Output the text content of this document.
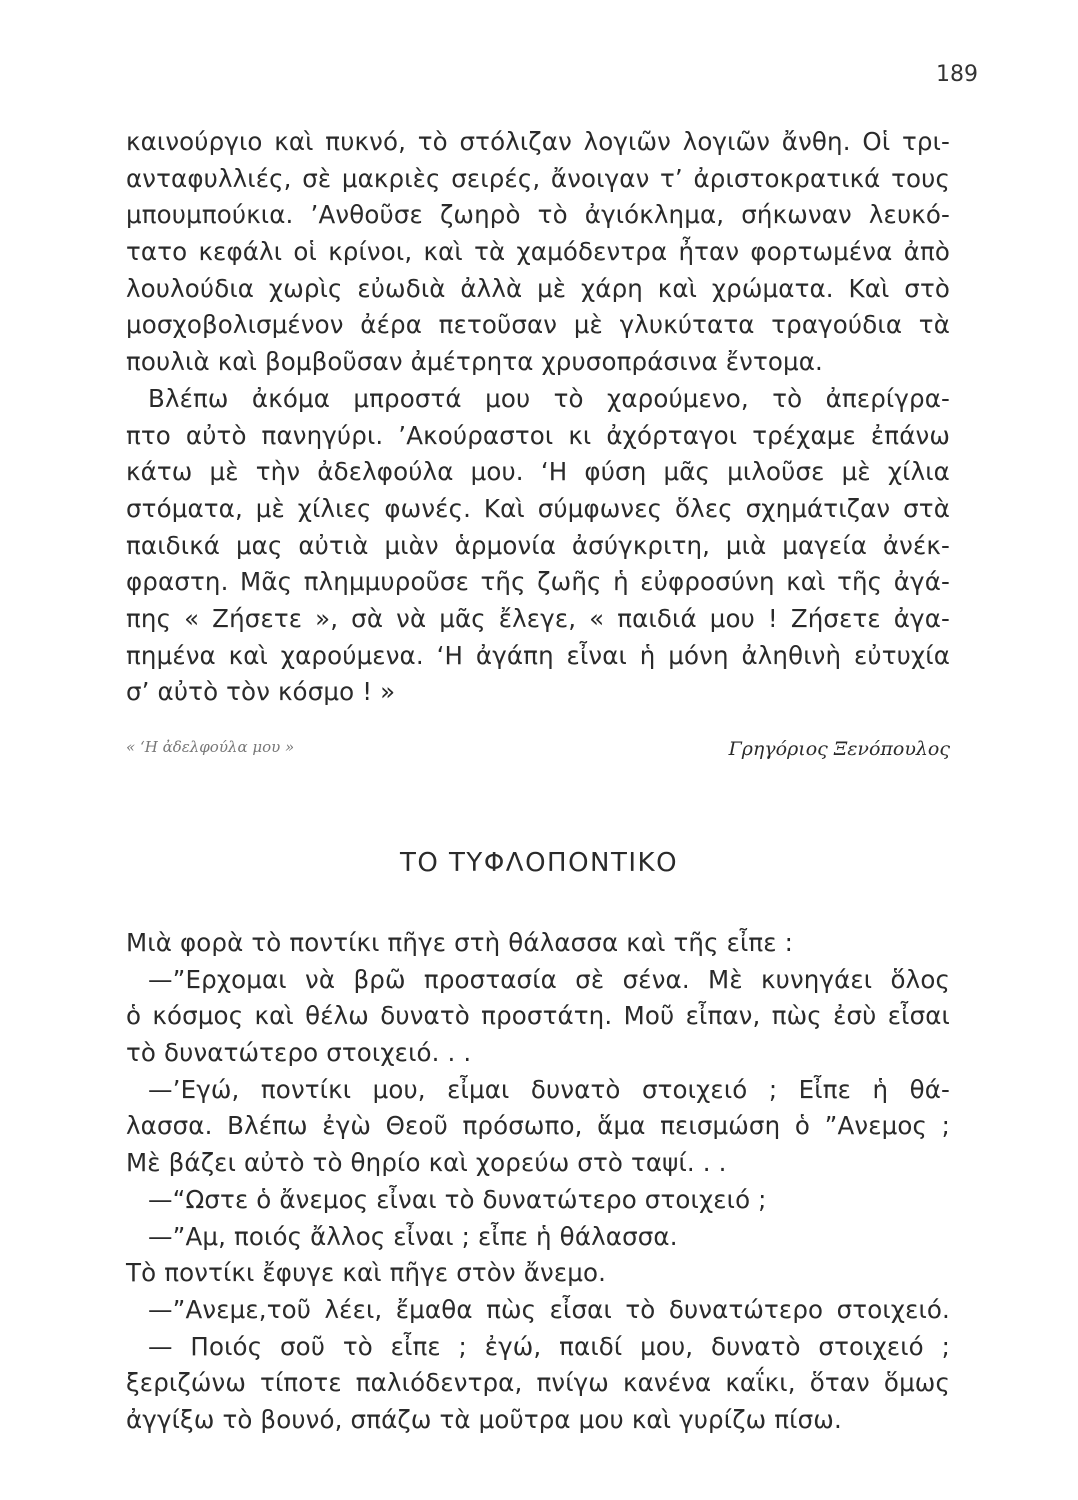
189
καινούργιο καὶ πυκνό, τὸ στόλιζαν λογιῶν λογιῶν ἄνθη. Οἱ τρι-
ανταφυλλιές, σὲ μακριὲς σειρές, ἄνοιγαν τ’ ἀριστοκρατικά τους
μπουμπούκια. ’Ανθοῦσε ζωηρὸ τὸ ἀγιόκλημα, σήκωναν λευκό-
τατο κεφάλι οἱ κρίνοι, καὶ τὰ χαμόδεντρα ἦταν φορτωμένα ἀπὸ
λουλούδια χωρὶς εὐωδιὰ ἀλλὰ μὲ χάρη καὶ χρώματα. Καὶ στὸ
μοσχοβολισμένον ἀέρα πετοῦσαν μὲ γλυκύτατα τραγούδια τὰ
πουλιὰ καὶ βομβοῦσαν ἀμέτρητα χρυσοπράσινα ἔντομα.
Βλέπω ἀκόμα μπροστά μου τὸ χαρούμενο, τὸ ἀπερίγρα-
πτο αὐτὸ πανηγύρι. ’Ακούραστοι κι ἀχόρταγοι τρέχαμε ἐπάνω
κάτω μὲ τὴν ἀδελφούλα μου. ‘Η φύση μᾶς μιλοῦσε μὲ χίλια
στόματα, μὲ χίλιες φωνές. Καὶ σύμφωνες ὅλες σχημάτιζαν στὰ
παιδικά μας αὐτιὰ μιὰν ἁρμονία ἀσύγκριτη, μιὰ μαγεία ἀνέκ-
φραστη. Μᾶς πλημμυροῦσε τῆς ζωῆς ἡ εὐφροσύνη καὶ τῆς ἀγά-
πης « Ζήσετε », σὰ νὰ μᾶς ἔλεγε, « παιδιά μου ! Ζήσετε ἀγα-
πημένα καὶ χαρούμενα. ‘Η ἀγάπη εἶναι ἡ μόνη ἀληθινὴ εὐτυχία
σ’ αὐτὸ τὸν κόσμο ! »
« ‘Η ἀδελφούλα μου »	Γρηγόριος Ξενόπουλος
ΤΟ ΤΥΦΛΟΠΟΝΤΙΚΟ
Μιὰ φορὰ τὸ ποντίκι πῆγε στὴ θάλασσα καὶ τῆς εἶπε :
—”Ερχομαι νὰ βρῶ προστασία σὲ σένα. Μὲ κυνηγάει ὅλος
ὁ κόσμος καὶ θέλω δυνατὸ προστάτη. Μοῦ εἶπαν, πὼς ἐσὺ εἶσαι
τὸ δυνατώτερο στοιχειό. . .
—’Εγώ, ποντίκι μου, εἶμαι δυνατὸ στοιχειό ; Εἶπε ἡ θά-
λασσα. Βλέπω ἐγὼ Θεοῦ πρόσωπο, ἅμα πεισμώση ὁ ”Ανεμος ;
Μὲ βάζει αὐτὸ τὸ θηρίο καὶ χορεύω στὸ ταψί. . .
—“Ωστε ὁ ἄνεμος εἶναι τὸ δυνατώτερο στοιχειό ;
—”Αμ, ποιός ἄλλος εἶναι ; εἶπε ἡ θάλασσα.
Τὸ ποντίκι ἔφυγε καὶ πῆγε στὸν ἄνεμο.
—”Ανεμε,τοῦ λέει, ἔμαθα πὼς εἶσαι τὸ δυνατώτερο στοιχειό.
— Ποιός σοῦ τὸ εἶπε ; ἐγώ, παιδί μου, δυνατὸ στοιχειό ;
ξεριζώνω τίποτε παλιόδεντρα, πνίγω κανένα καΐκι, ὅταν ὅμως
ἀγγίξω τὸ βουνό, σπάζω τὰ μοῦτρα μου καὶ γυρίζω πίσω.
